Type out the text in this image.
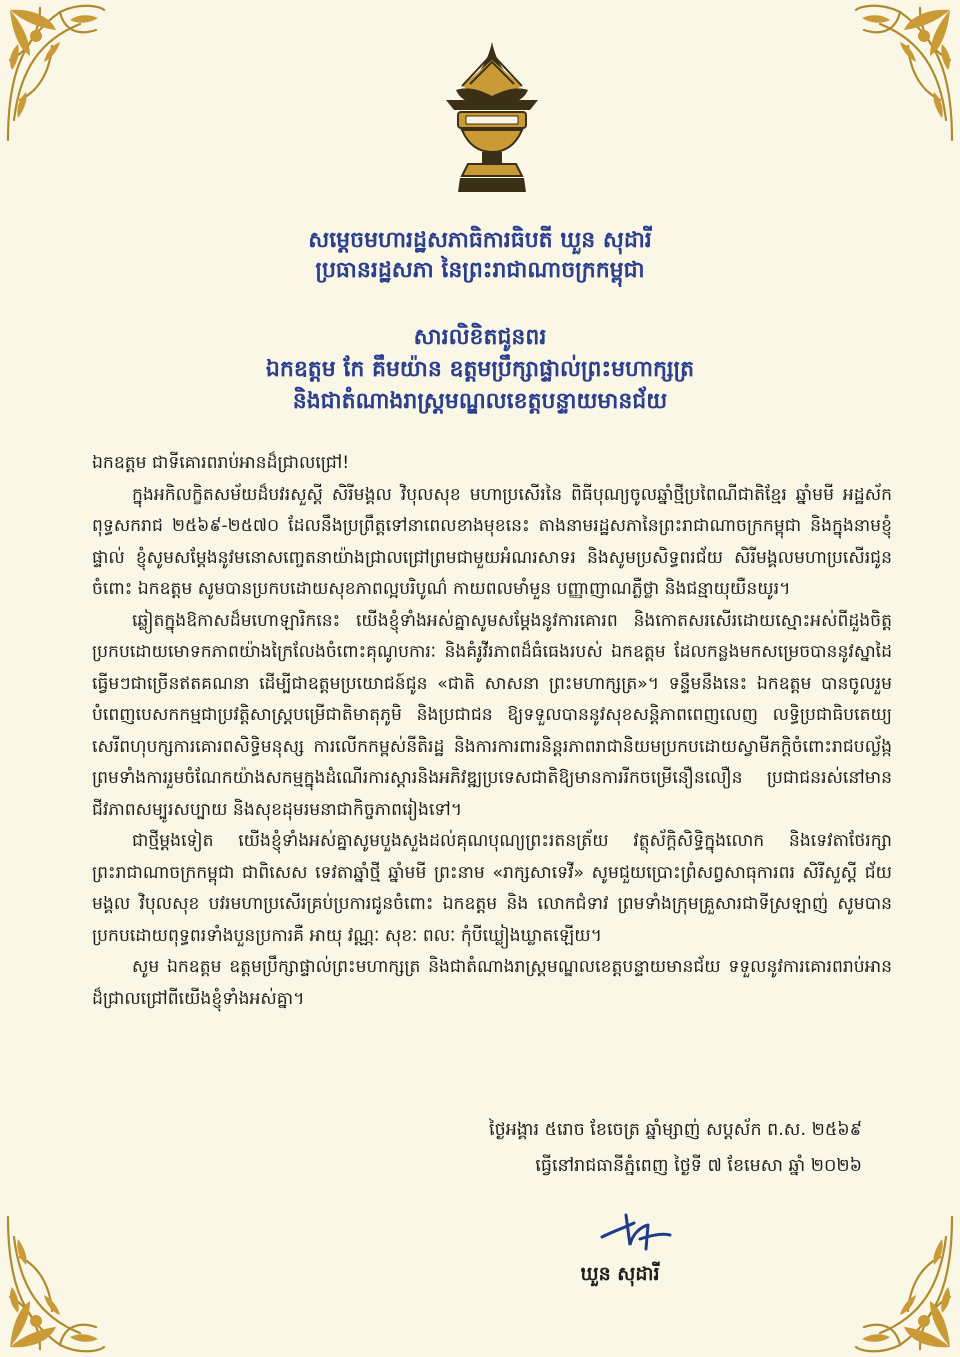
សម្ដេចមហារដ្ឋសភាធិការធិបតី ឃួន សុដារី
ប្រធានរដ្ឋសភា នៃព្រះរាជាណាចក្រកម្ពុជា
សារលិខិតជូនពរ
ឯកឧត្តម កែ គឹមយ៉ាន ឧត្តមប្រឹក្សាផ្ទាល់ព្រះមហាក្សត្រ
និងជាតំណាងរាស្ត្រមណ្ឌលខេត្តបន្ទាយមានជ័យ

ឯកឧត្តម ជាទីគោរពរាប់អានដ៏ជ្រាលជ្រៅ!

ក្នុងអកិលក្ខិតសម័យដ៏បវរសួស្តី សិរីមង្គល វិបុលសុខ មហាប្រសើរនៃ ពិធីបុណ្យចូលឆ្នាំថ្មីប្រពៃណីជាតិខ្មែរ ឆ្នាំមមី អដ្ឋស័ក ពុទ្ធសករាជ ២៥៦៩-២៥៧០ ដែលនឹងប្រព្រឹត្តទៅនាពេលខាងមុខនេះ តាងនាមរដ្ឋសភានៃព្រះរាជាណាចក្រកម្ពុជា និងក្នុងនាមខ្ញុំផ្ទាល់ ខ្ញុំសូមសម្ដែងនូវមនោសញ្ចេតនាយ៉ាងជ្រាលជ្រៅព្រមជាមួយអំណរសាទរ និងសូមប្រសិទ្ធពរជ័យ សិរីមង្គលមហាប្រសើរជូនចំពោះ ឯកឧត្តម សូមបានប្រកបដោយសុខភាពល្អបរិបូណ៌ កាយពលមាំមួន បញ្ញាញាណភ្លឺថ្លា និងជន្មាយុយឺនយូរ។

ឆ្លៀតក្នុងឱកាសដ៏មហោឡារិកនេះ យើងខ្ញុំទាំងអស់គ្នាសូមសម្ដែងនូវការគោរព និងកោតសរសើរដោយស្មោះអស់ពីដួងចិត្តប្រកបដោយមោទកភាពយ៉ាងក្រៃលែងចំពោះគុណូបការៈ និងគំរូវីរភាពដ៏ធំធេងរបស់ ឯកឧត្តម ដែលកន្លងមកសម្រេចបាននូវស្នាដៃធ្វើមៗជាច្រើនឥតគណនា ដើម្បីជាឧត្តមប្រយោជន៍ជូន «ជាតិ សាសនា ព្រះមហាក្សត្រ»។ ទន្ទឹមនឹងនេះ ឯកឧត្តម បានចូលរួមបំពេញបេសកកម្មជាប្រវត្តិសាស្ត្របម្រើជាតិមាតុភូមិ និងប្រជាជន ឱ្យទទួលបាននូវសុខសន្តិភាពពេញលេញ លទ្ធិប្រជាធិបតេយ្យសេរីពហុបក្សការគោរពសិទ្ធិមនុស្ស ការលើកកម្ពស់នីតិរដ្ឋ និងការការពារនិន្តរភាពរាជានិយមប្រកបដោយស្វាមីភក្តិចំពោះរាជបល្ល័ង្ក ព្រមទាំងការរួមចំណែកយ៉ាងសកម្មក្នុងដំណើរការស្តារនិងអភិវឌ្ឍប្រទេសជាតិឱ្យមានការរីកចម្រើនឿនលឿន ប្រជាជនរស់នៅមានជីវភាពសម្បូរសប្បាយ និងសុខដុមរមនាជាកិច្ចភាពរៀងទៅ។

ជាថ្មីម្ដងទៀត យើងខ្ញុំទាំងអស់គ្នាសូមបួងសួងដល់គុណបុណ្យព្រះរតនត្រ័យ វត្ថុស័ក្តិសិទ្ធិក្នុងលោក និងទេវតាថែរក្សាព្រះរាជាណាចក្រកម្ពុជា ជាពិសេស ទេវតាឆ្នាំថ្មី ឆ្នាំមមី ព្រះនាម «រាក្សសាទេវី» សូមជួយប្រោះព្រំសព្វសាធុការពរ សិរីសួស្តី ជ័យមង្គល វិបុលសុខ បវរមហាប្រសើរគ្រប់ប្រការជូនចំពោះ ឯកឧត្តម និង លោកជំទាវ ព្រមទាំងក្រុមគ្រួសារជាទីស្រឡាញ់ សូមបានប្រកបដោយពុទ្ធពរទាំងបួនប្រការគឺ អាយុ វណ្ណៈ សុខៈ ពលៈ កុំបីឃ្លៀងឃ្លាតឡើយ។

សូម ឯកឧត្តម ឧត្តមប្រឹក្សាផ្ទាល់ព្រះមហាក្សត្រ និងជាតំណាងរាស្ត្រមណ្ឌលខេត្តបន្ទាយមានជ័យ ទទួលនូវការគោរពរាប់អានដ៏ជ្រាលជ្រៅពីយើងខ្ញុំទាំងអស់គ្នា។

ថ្ងៃអង្គារ ៥រោច ខែចេត្រ ឆ្នាំម្សាញ់ សប្តស័ក ព.ស. ២៥៦៩
ធ្វើនៅរាជធានីភ្នំពេញ ថ្ងៃទី ៧ ខែមេសា ឆ្នាំ ២០២៦
ឃួន សុដារី
